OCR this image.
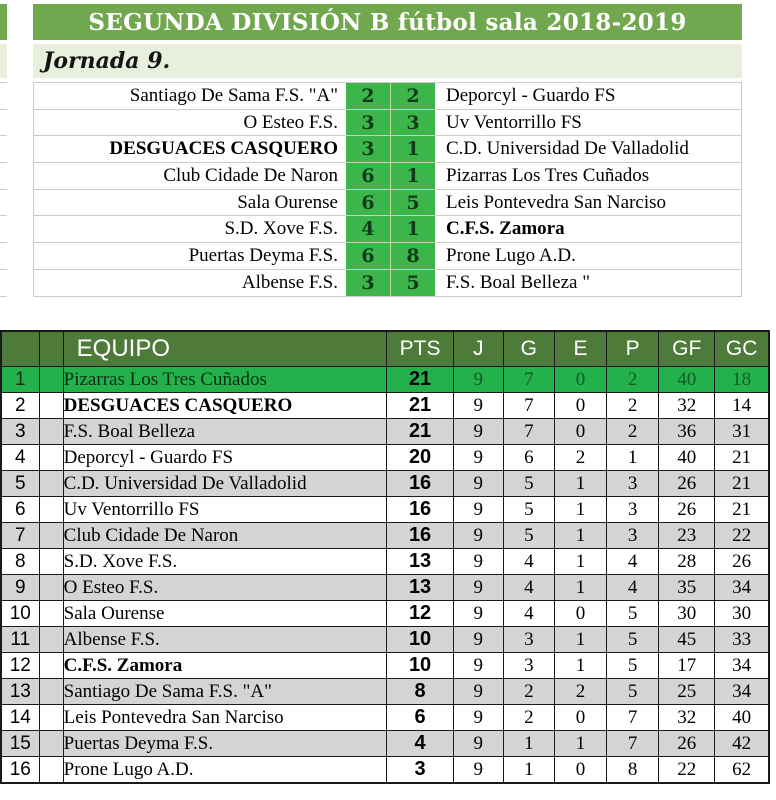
SEGUNDA DIVISIÓN B fútbol sala 2018-2019
Jornada 9.
Santiago De Sama F.S. "A"	2	2	Deporcyl - Guardo FS
O Esteo F.S.	3	3	Uv Ventorrillo FS
DESGUACES CASQUERO	3	1	C.D. Universidad De Valladolid
Club Cidade De Naron	6	1	Pizarras Los Tres Cuñados
Sala Ourense	6	5	Leis Pontevedra San Narciso
S.D. Xove F.S.	4	1	C.F.S. Zamora
Puertas Deyma F.S.	6	8	Prone Lugo A.D.
Albense F.S.	3	5	F.S. Boal Belleza "
		EQUIPO	PTS	J	G	E	P	GF	GC
1		Pizarras Los Tres Cuñados	21	9	7	0	2	40	18
2		DESGUACES CASQUERO	21	9	7	0	2	32	14
3		F.S. Boal Belleza	21	9	7	0	2	36	31
4		Deporcyl - Guardo FS	20	9	6	2	1	40	21
5		C.D. Universidad De Valladolid	16	9	5	1	3	26	21
6		Uv Ventorrillo FS	16	9	5	1	3	26	21
7		Club Cidade De Naron	16	9	5	1	3	23	22
8		S.D. Xove F.S.	13	9	4	1	4	28	26
9		O Esteo F.S.	13	9	4	1	4	35	34
10		Sala Ourense	12	9	4	0	5	30	30
11		Albense F.S.	10	9	3	1	5	45	33
12		C.F.S. Zamora	10	9	3	1	5	17	34
13		Santiago De Sama F.S. "A"	8	9	2	2	5	25	34
14		Leis Pontevedra San Narciso	6	9	2	0	7	32	40
15		Puertas Deyma F.S.	4	9	1	1	7	26	42
16		Prone Lugo A.D.	3	9	1	0	8	22	62
